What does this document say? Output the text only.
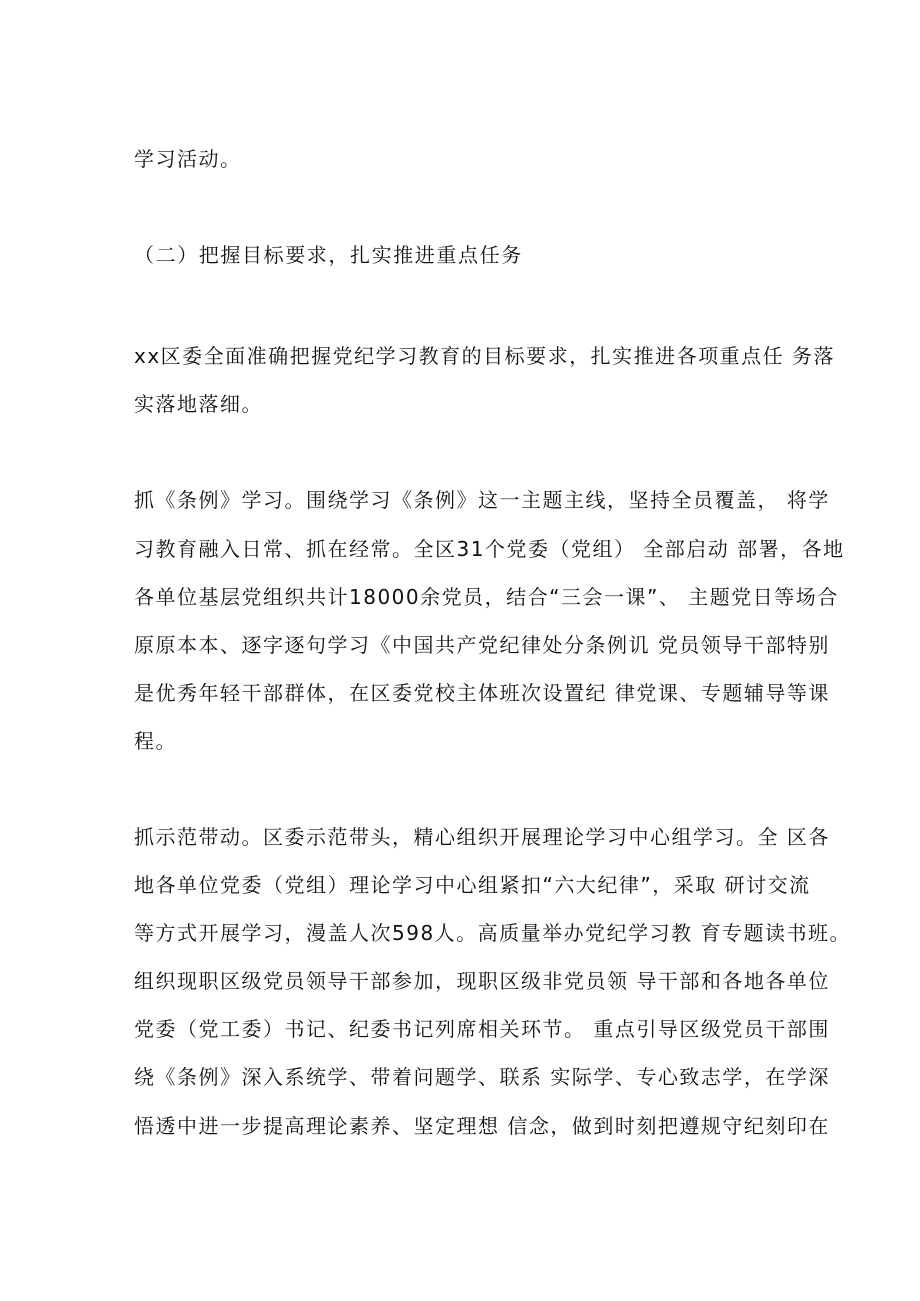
学习活动。

（二）把握目标要求，扎实推进重点任务

xx区委全面准确把握党纪学习教育的目标要求，扎实推进各项重点任 务落

实落地落细。

抓《条例》学习。围绕学习《条例》这一主题主线，坚持全员覆盖， 将学

习教育融入日常、抓在经常。全区31个党委（党组） 全部启动 部署，各地

各单位基层党组织共计18000余党员，结合“三会一课”、 主题党日等场合

原原本本、逐字逐句学习《中国共产党纪律处分条例讥 党员领导干部特别

是优秀年轻干部群体，在区委党校主体班次设置纪 律党课、专题辅导等课

程。

抓示范带动。区委示范带头，精心组织开展理论学习中心组学习。全 区各

地各单位党委（党组）理论学习中心组紧扣“六大纪律”，采取 研讨交流

等方式开展学习，漫盖人次598人。高质量举办党纪学习教 育专题读书班。

组织现职区级党员领导干部参加，现职区级非党员领 导干部和各地各单位

党委（党工委）书记、纪委书记列席相关环节。 重点引导区级党员干部围

绕《条例》深入系统学、带着问题学、联系 实际学、专心致志学，在学深

悟透中进一步提高理论素养、坚定理想 信念，做到时刻把遵规守纪刻印在
